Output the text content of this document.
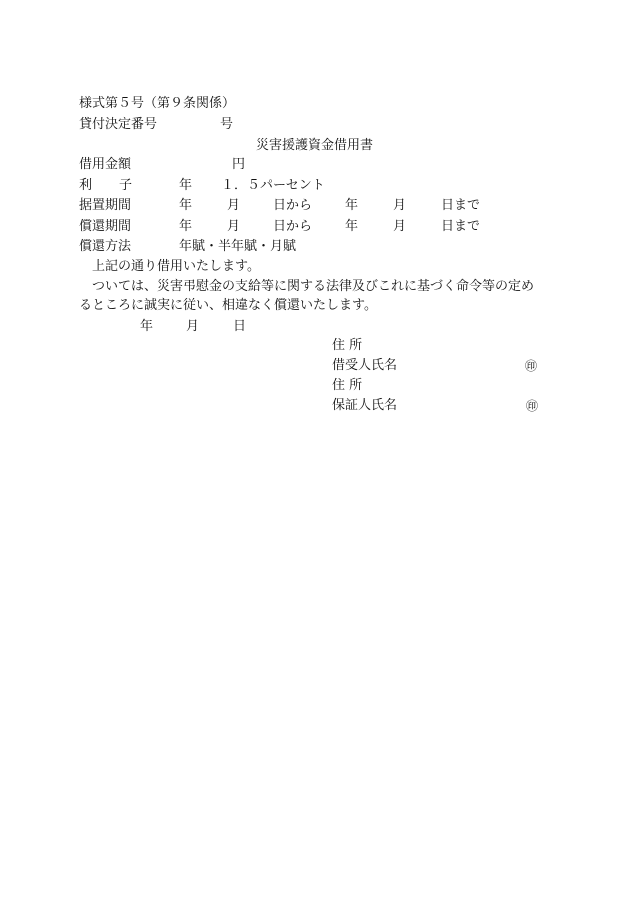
様式第５号（第９条関係）
貸付決定番号	号
災害援護資金借用書
借用金額	円
利 子	年 １．５パーセント
据置期間	年	月	日から	年	月	日まで
償還期間	年	月	日から	年	月	日まで
償還方法	年賦・半年賦・月賦
上記の通り借用いたします。
ついては、災害弔慰金の支給等に関する法律及びこれに基づく命令等の定め
るところに誠実に従い、相違なく償還いたします。
年	月	日
住 所
借受人氏名	㊞
住 所
保証人氏名	㊞
